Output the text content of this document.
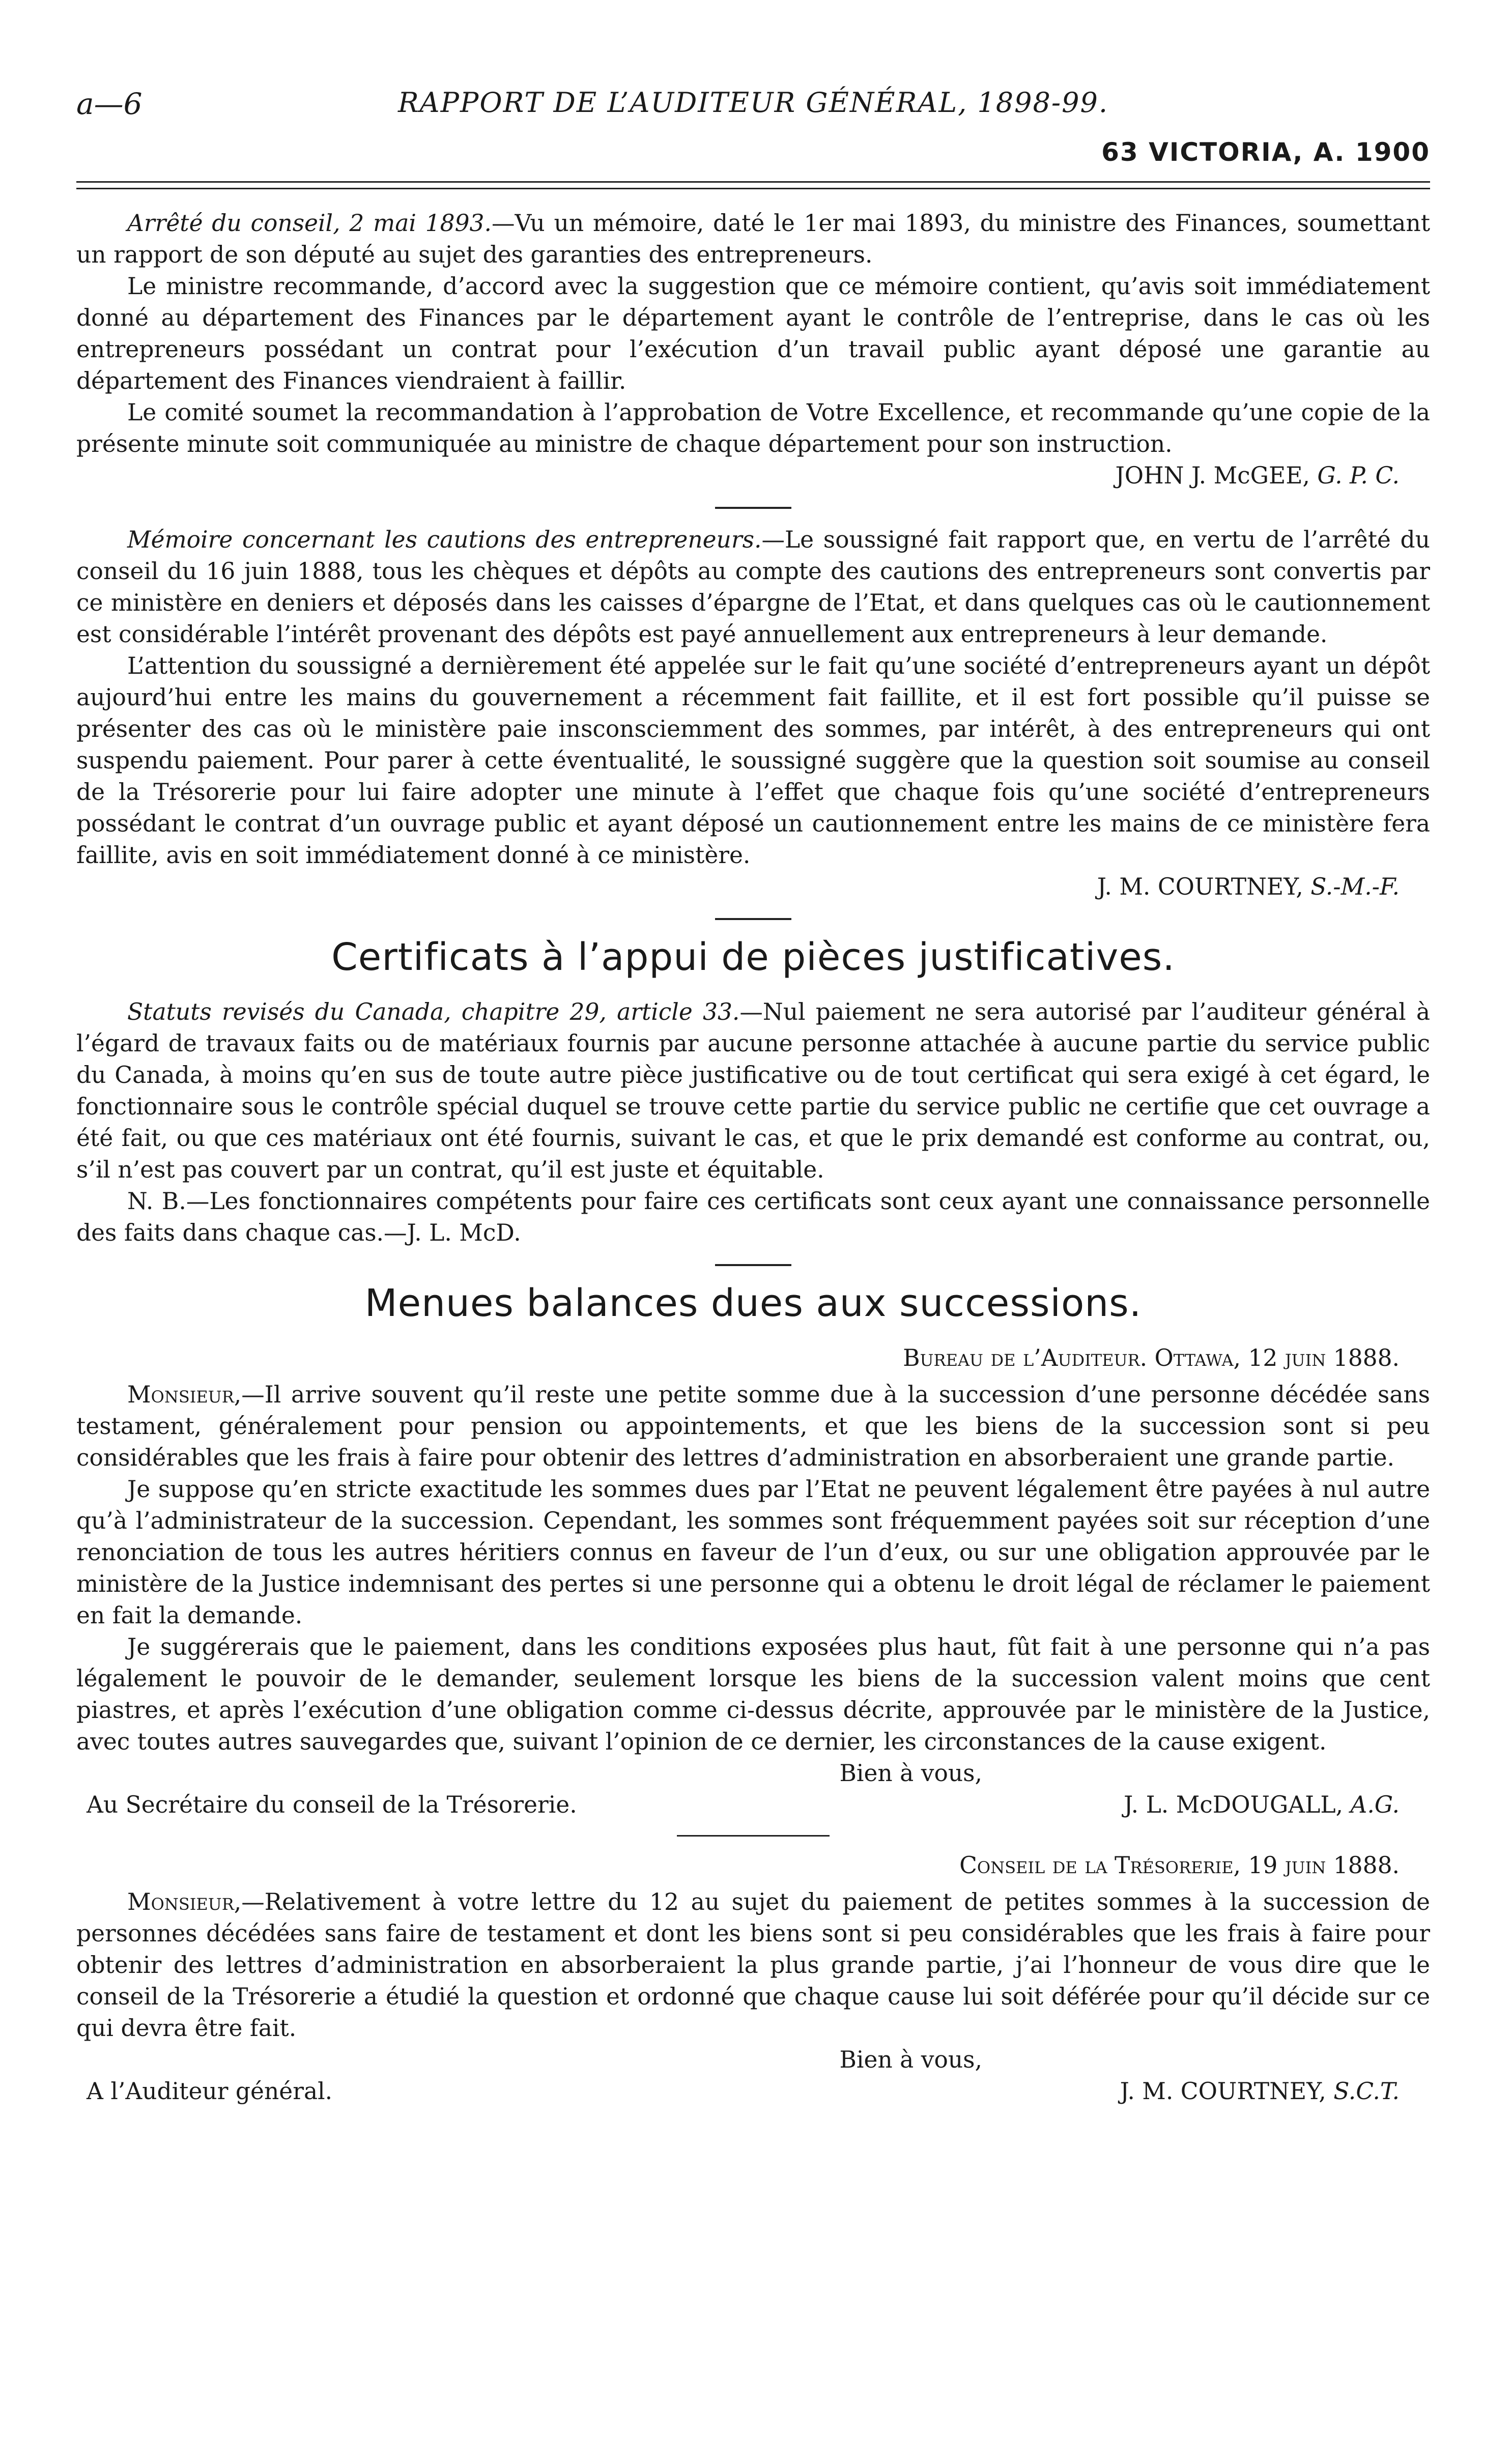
a—6	RAPPORT DE L’AUDITEUR GÉNÉRAL, 1898-99.
63 VICTORIA, A. 1900

Arrêté du conseil, 2 mai 1893.—Vu un mémoire, daté le 1er mai 1893, du ministre des Finances, soumettant un rapport de son député au sujet des garanties des entrepreneurs.

Le ministre recommande, d’accord avec la suggestion que ce mémoire contient, qu’avis soit immédiatement donné au département des Finances par le département ayant le contrôle de l’entreprise, dans le cas où les entrepreneurs possédant un contrat pour l’exécution d’un travail public ayant déposé une garantie au département des Finances viendraient à faillir.

Le comité soumet la recommandation à l’approbation de Votre Excellence, et recommande qu’une copie de la présente minute soit communiquée au ministre de chaque département pour son instruction.

JOHN J. McGEE, G. P. C.

Mémoire concernant les cautions des entrepreneurs.—Le soussigné fait rapport que, en vertu de l’arrêté du conseil du 16 juin 1888, tous les chèques et dépôts au compte des cautions des entrepreneurs sont convertis par ce ministère en deniers et déposés dans les caisses d’épargne de l’Etat, et dans quelques cas où le cautionnement est considérable l’intérêt provenant des dépôts est payé annuellement aux entrepreneurs à leur demande.

L’attention du soussigné a dernièrement été appelée sur le fait qu’une société d’entrepreneurs ayant un dépôt aujourd’hui entre les mains du gouvernement a récemment fait faillite, et il est fort possible qu’il puisse se présenter des cas où le ministère paie insconsciemment des sommes, par intérêt, à des entrepreneurs qui ont suspendu paiement. Pour parer à cette éventualité, le soussigné suggère que la question soit soumise au conseil de la Trésorerie pour lui faire adopter une minute à l’effet que chaque fois qu’une société d’entrepreneurs possédant le contrat d’un ouvrage public et ayant déposé un cautionnement entre les mains de ce ministère fera faillite, avis en soit immédiatement donné à ce ministère.

J. M. COURTNEY, S.-M.-F.
Certificats à l’appui de pièces justificatives.

Statuts revisés du Canada, chapitre 29, article 33.—Nul paiement ne sera autorisé par l’auditeur général à l’égard de travaux faits ou de matériaux fournis par aucune personne attachée à aucune partie du service public du Canada, à moins qu’en sus de toute autre pièce justificative ou de tout certificat qui sera exigé à cet égard, le fonctionnaire sous le contrôle spécial duquel se trouve cette partie du service public ne certifie que cet ouvrage a été fait, ou que ces matériaux ont été fournis, suivant le cas, et que le prix demandé est conforme au contrat, ou, s’il n’est pas couvert par un contrat, qu’il est juste et équitable.

N. B.—Les fonctionnaires compétents pour faire ces certificats sont ceux ayant une connaissance personnelle des faits dans chaque cas.—J. L. McD.

Menues balances dues aux successions.
Bureau de l’Auditeur. Ottawa, 12 juin 1888.

Monsieur,—Il arrive souvent qu’il reste une petite somme due à la succession d’une personne décédée sans testament, généralement pour pension ou appointements, et que les biens de la succession sont si peu considérables que les frais à faire pour obtenir des lettres d’administration en absorberaient une grande partie.

Je suppose qu’en stricte exactitude les sommes dues par l’Etat ne peuvent légalement être payées à nul autre qu’à l’administrateur de la succession. Cependant, les sommes sont fréquemment payées soit sur réception d’une renonciation de tous les autres héritiers connus en faveur de l’un d’eux, ou sur une obligation approuvée par le ministère de la Justice indemnisant des pertes si une personne qui a obtenu le droit légal de réclamer le paiement en fait la demande.

Je suggérerais que le paiement, dans les conditions exposées plus haut, fût fait à une personne qui n’a pas légalement le pouvoir de le demander, seulement lorsque les biens de la succession valent moins que cent piastres, et après l’exécution d’une obligation comme ci-dessus décrite, approuvée par le ministère de la Justice, avec toutes autres sauvegardes que, suivant l’opinion de ce dernier, les circonstances de la cause exigent.

Bien à vous,
Au Secrétaire du conseil de la Trésorerie.	J. L. McDOUGALL, A.G.
Conseil de la Trésorerie, 19 juin 1888.

Monsieur,—Relativement à votre lettre du 12 au sujet du paiement de petites sommes à la succession de personnes décédées sans faire de testament et dont les biens sont si peu considérables que les frais à faire pour obtenir des lettres d’administration en absorberaient la plus grande partie, j’ai l’honneur de vous dire que le conseil de la Trésorerie a étudié la question et ordonné que chaque cause lui soit déférée pour qu’il décide sur ce qui devra être fait.

Bien à vous,
A l’Auditeur général.	J. M. COURTNEY, S.C.T.
